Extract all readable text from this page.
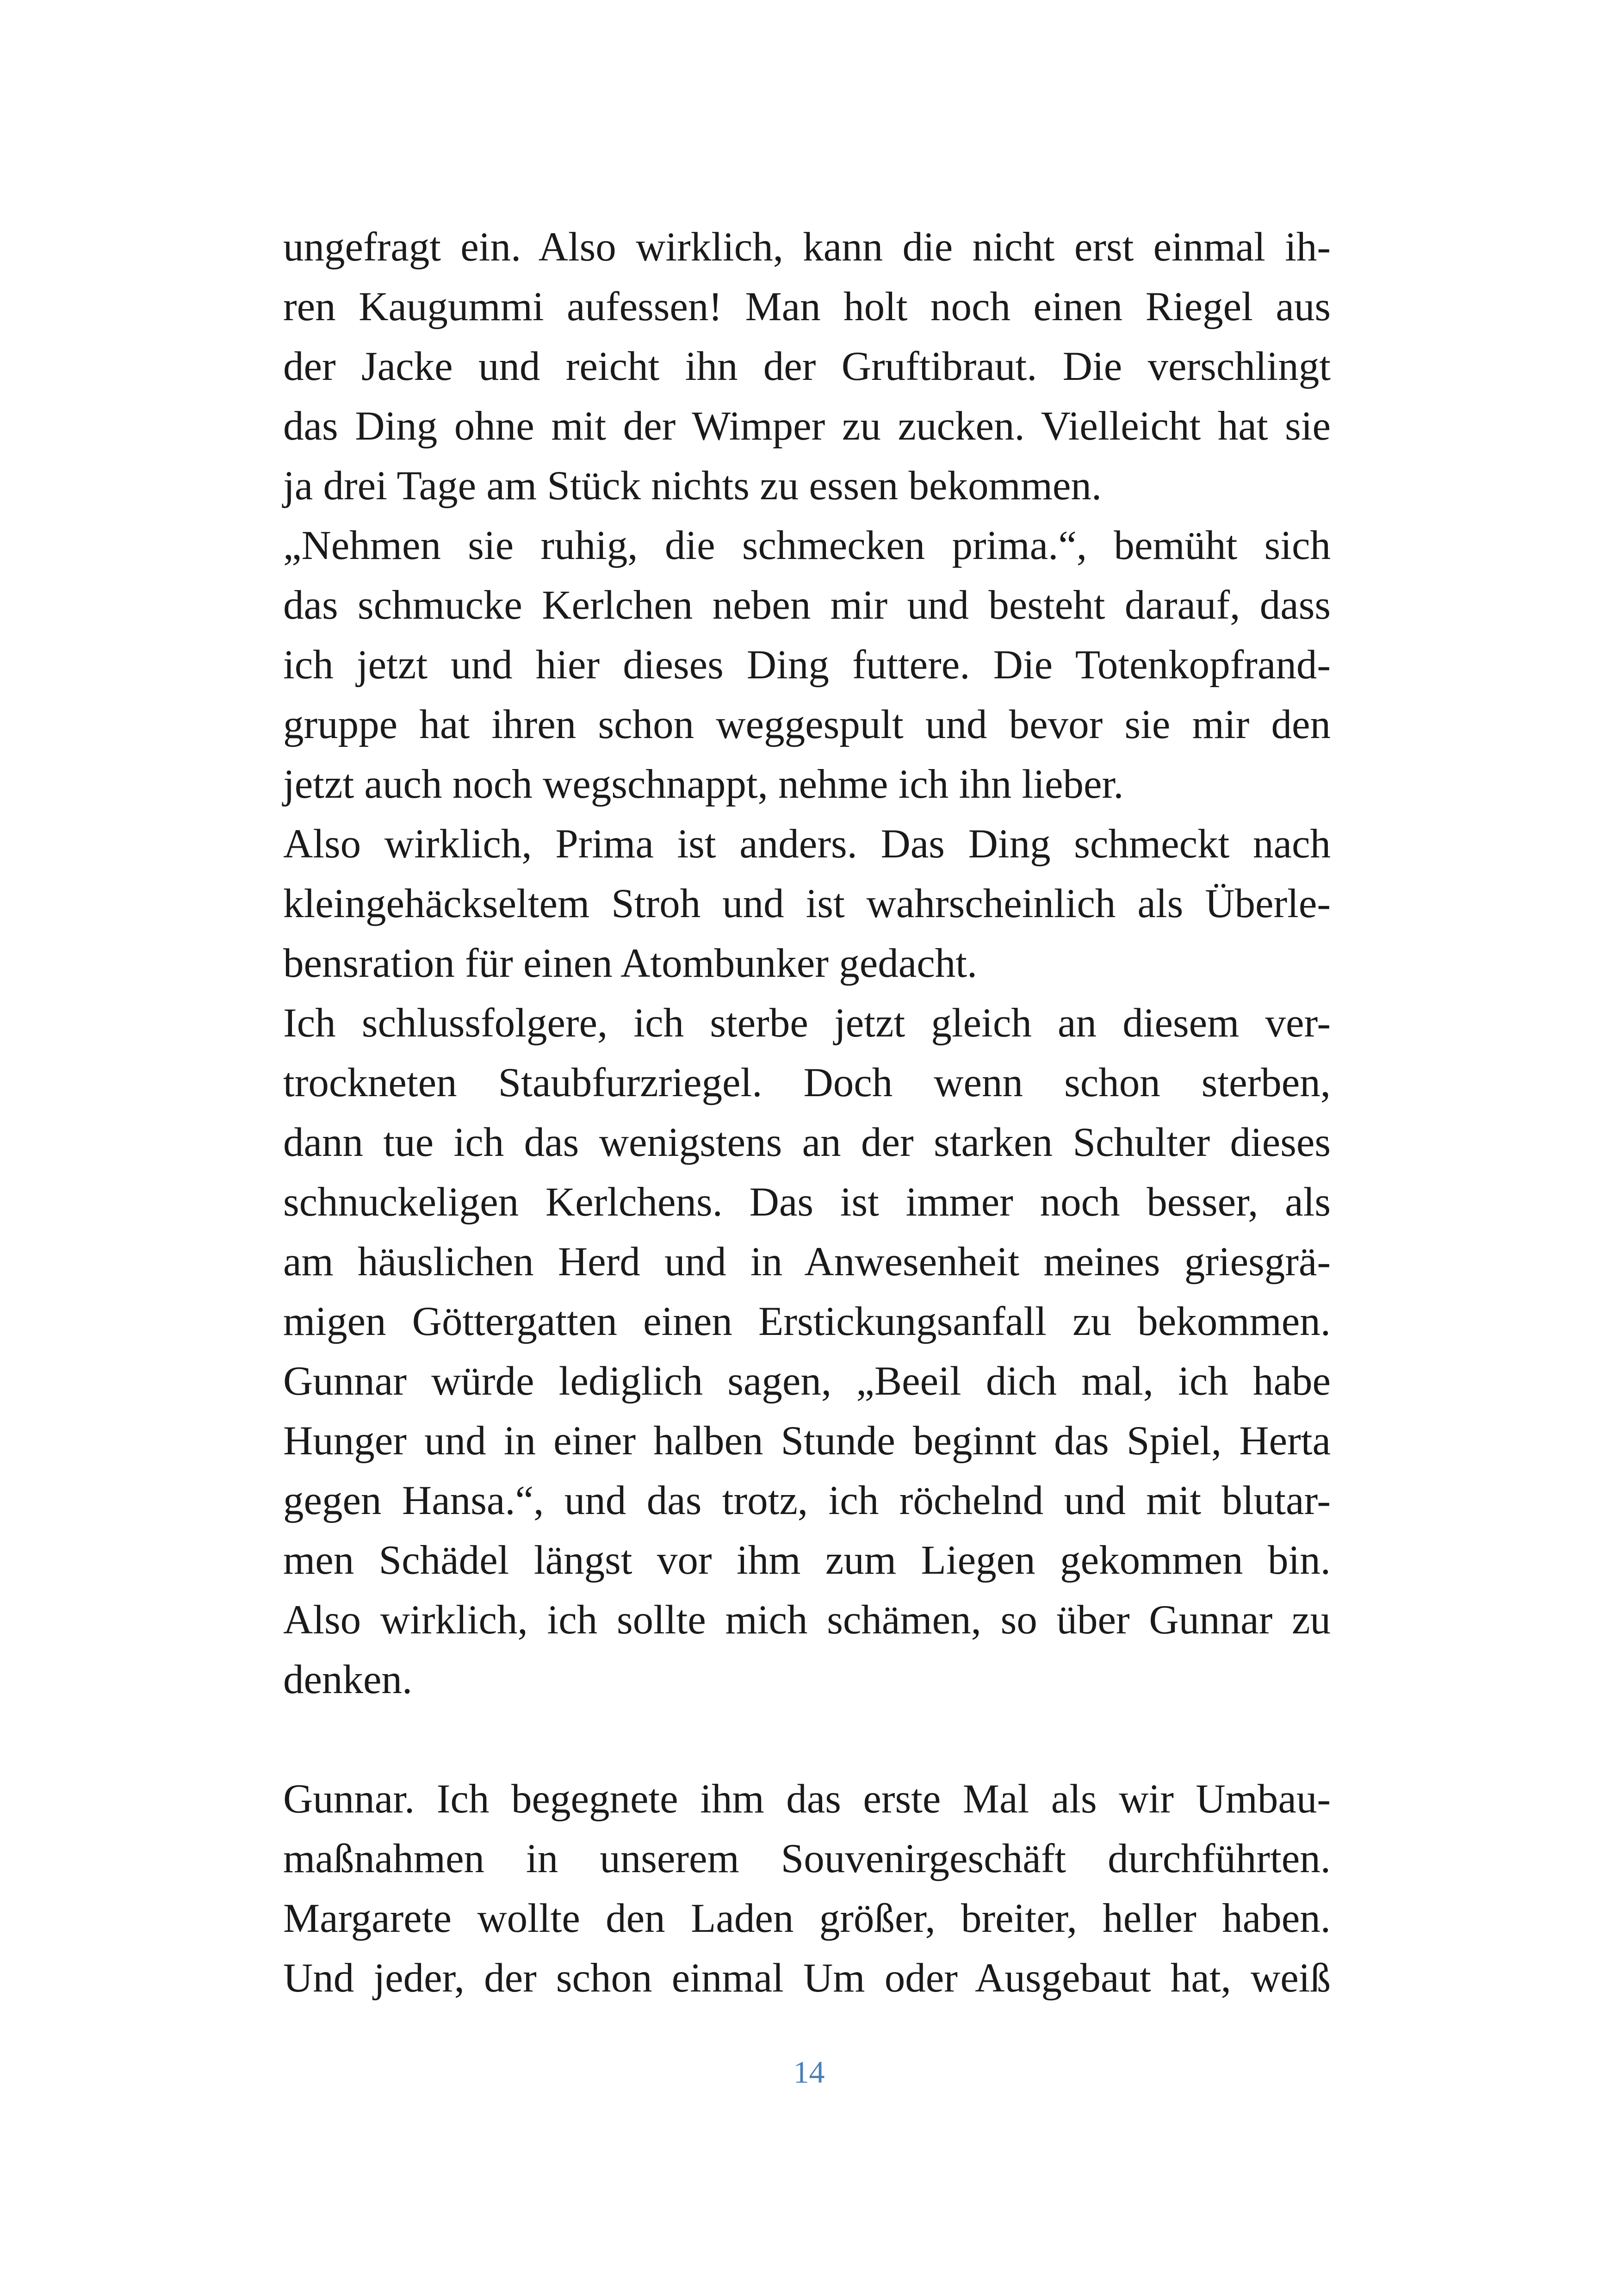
ungefragt ein. Also wirklich, kann die nicht erst einmal ih-
ren Kaugummi aufessen! Man holt noch einen Riegel aus
der Jacke und reicht ihn der Gruftibraut. Die verschlingt
das Ding ohne mit der Wimper zu zucken. Vielleicht hat sie
ja drei Tage am Stück nichts zu essen bekommen.
„Nehmen sie ruhig, die schmecken prima.“, bemüht sich
das schmucke Kerlchen neben mir und besteht darauf, dass
ich jetzt und hier dieses Ding futtere. Die Totenkopfrand-
gruppe hat ihren schon weggespult und bevor sie mir den
jetzt auch noch wegschnappt, nehme ich ihn lieber.
Also wirklich, Prima ist anders. Das Ding schmeckt nach
kleingehäckseltem Stroh und ist wahrscheinlich als Überle-
bensration für einen Atombunker gedacht.
Ich schlussfolgere, ich sterbe jetzt gleich an diesem ver-
trockneten Staubfurzriegel. Doch wenn schon sterben,
dann tue ich das wenigstens an der starken Schulter dieses
schnuckeligen Kerlchens. Das ist immer noch besser, als
am häuslichen Herd und in Anwesenheit meines griesgrä-
migen Göttergatten einen Erstickungsanfall zu bekommen.
Gunnar würde lediglich sagen, „Beeil dich mal, ich habe
Hunger und in einer halben Stunde beginnt das Spiel, Herta
gegen Hansa.“, und das trotz, ich röchelnd und mit blutar-
men Schädel längst vor ihm zum Liegen gekommen bin.
Also wirklich, ich sollte mich schämen, so über Gunnar zu
denken.
Gunnar. Ich begegnete ihm das erste Mal als wir Umbau-
maßnahmen in unserem Souvenirgeschäft durchführten.
Margarete wollte den Laden größer, breiter, heller haben.
Und jeder, der schon einmal Um oder Ausgebaut hat, weiß
14
